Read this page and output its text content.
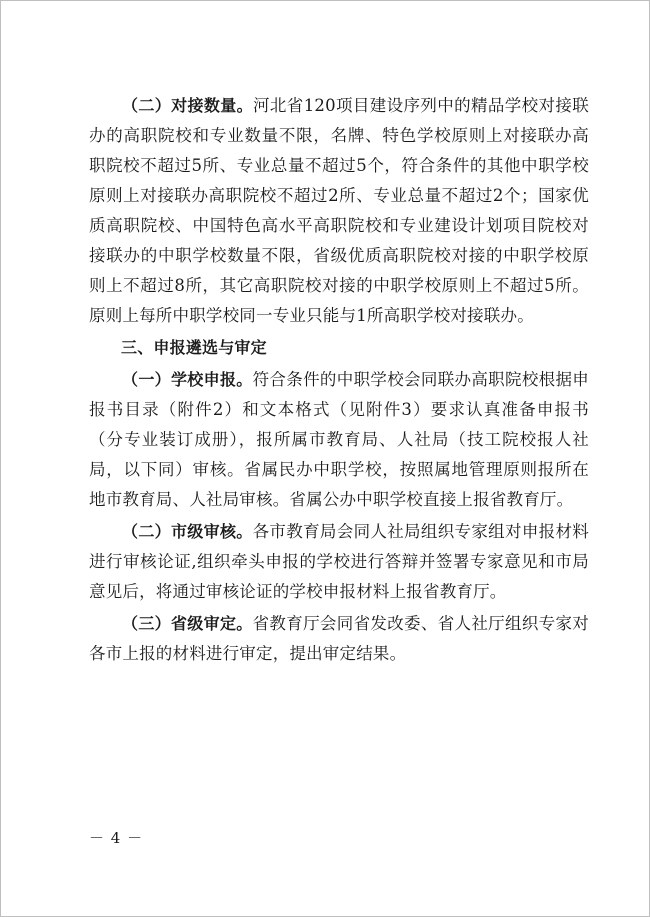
（二）对接数量。河北省120项目建设序列中的精品学校对接联办的高职院校和专业数量不限，名牌、特色学校原则上对接联办高职院校不超过5所、专业总量不超过5个，符合条件的其他中职学校原则上对接联办高职院校不超过2所、专业总量不超过2个；国家优质高职院校、中国特色高水平高职院校和专业建设计划项目院校对接联办的中职学校数量不限，省级优质高职院校对接的中职学校原则上不超过8所，其它高职院校对接的中职学校原则上不超过5所。原则上每所中职学校同一专业只能与1所高职学校对接联办。

三、申报遴选与审定

（一）学校申报。符合条件的中职学校会同联办高职院校根据申报书目录（附件2）和文本格式（见附件3）要求认真准备申报书（分专业装订成册），报所属市教育局、人社局（技工院校报人社局，以下同）审核。省属民办中职学校，按照属地管理原则报所在地市教育局、人社局审核。省属公办中职学校直接上报省教育厅。

（二）市级审核。各市教育局会同人社局组织专家组对申报材料进行审核论证,组织牵头申报的学校进行答辩并签署专家意见和市局意见后，将通过审核论证的学校申报材料上报省教育厅。

（三）省级审定。省教育厅会同省发改委、省人社厅组织专家对各市上报的材料进行审定，提出审定结果。

－ 4 －
